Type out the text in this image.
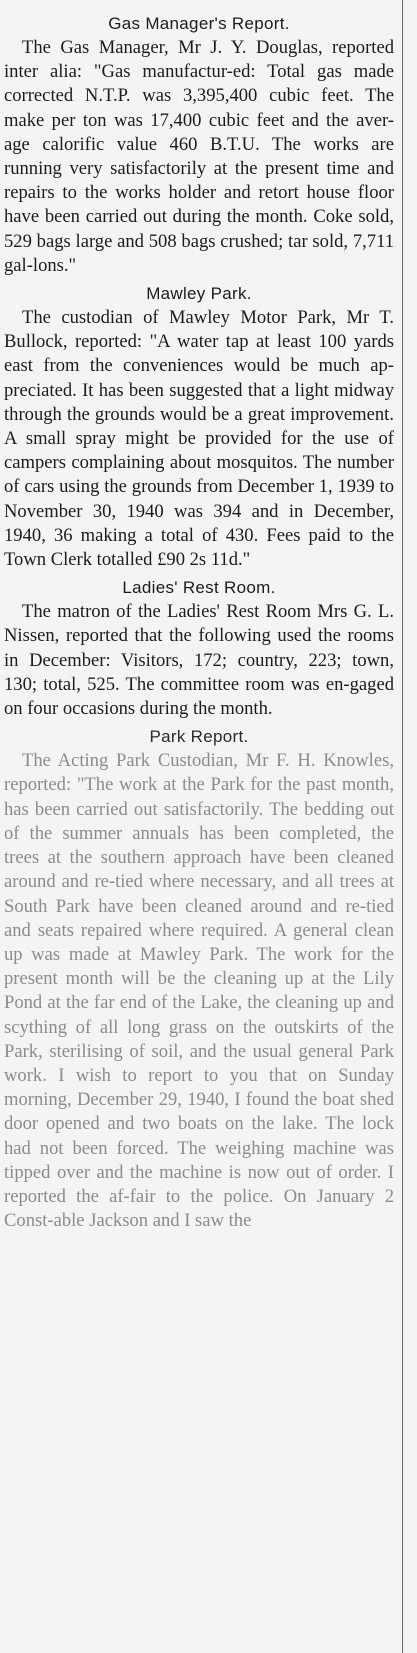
Gas Manager's Report.

The Gas Manager, Mr J. Y. Douglas, reported inter alia: "Gas manufactur-ed: Total gas made corrected N.T.P. was 3,395,400 cubic feet. The make per ton was 17,400 cubic feet and the aver-age calorific value 460 B.T.U. The works are running very satisfactorily at the present time and repairs to the works holder and retort house floor have been carried out during the month. Coke sold, 529 bags large and 508 bags crushed; tar sold, 7,711 gal-lons."

Mawley Park.

The custodian of Mawley Motor Park, Mr T. Bullock, reported: "A water tap at least 100 yards east from the conveniences would be much ap-preciated. It has been suggested that a light midway through the grounds would be a great improvement. A small spray might be provided for the use of campers complaining about mosquitos. The number of cars using the grounds from December 1, 1939 to November 30, 1940 was 394 and in December, 1940, 36 making a total of 430. Fees paid to the Town Clerk totalled £90 2s 11d."

Ladies' Rest Room.

The matron of the Ladies' Rest Room Mrs G. L. Nissen, reported that the following used the rooms in December: Visitors, 172; country, 223; town, 130; total, 525. The committee room was en-gaged on four occasions during the month.

Park Report.

The Acting Park Custodian, Mr F. H. Knowles, reported: "The work at the Park for the past month, has been carried out satisfactorily. The bedding out of the summer annuals has been completed, the trees at the southern approach have been cleaned around and re-tied where necessary, and all trees at South Park have been cleaned around and re-tied and seats repaired where required. A general clean up was made at Mawley Park. The work for the present month will be the cleaning up at the Lily Pond at the far end of the Lake, the cleaning up and scything of all long grass on the outskirts of the Park, sterilising of soil, and the usual general Park work. I wish to report to you that on Sunday morning, December 29, 1940, I found the boat shed door opened and two boats on the lake. The lock had not been forced. The weighing machine was tipped over and the machine is now out of order. I reported the af-fair to the police. On January 2 Const-able Jackson and I saw the
